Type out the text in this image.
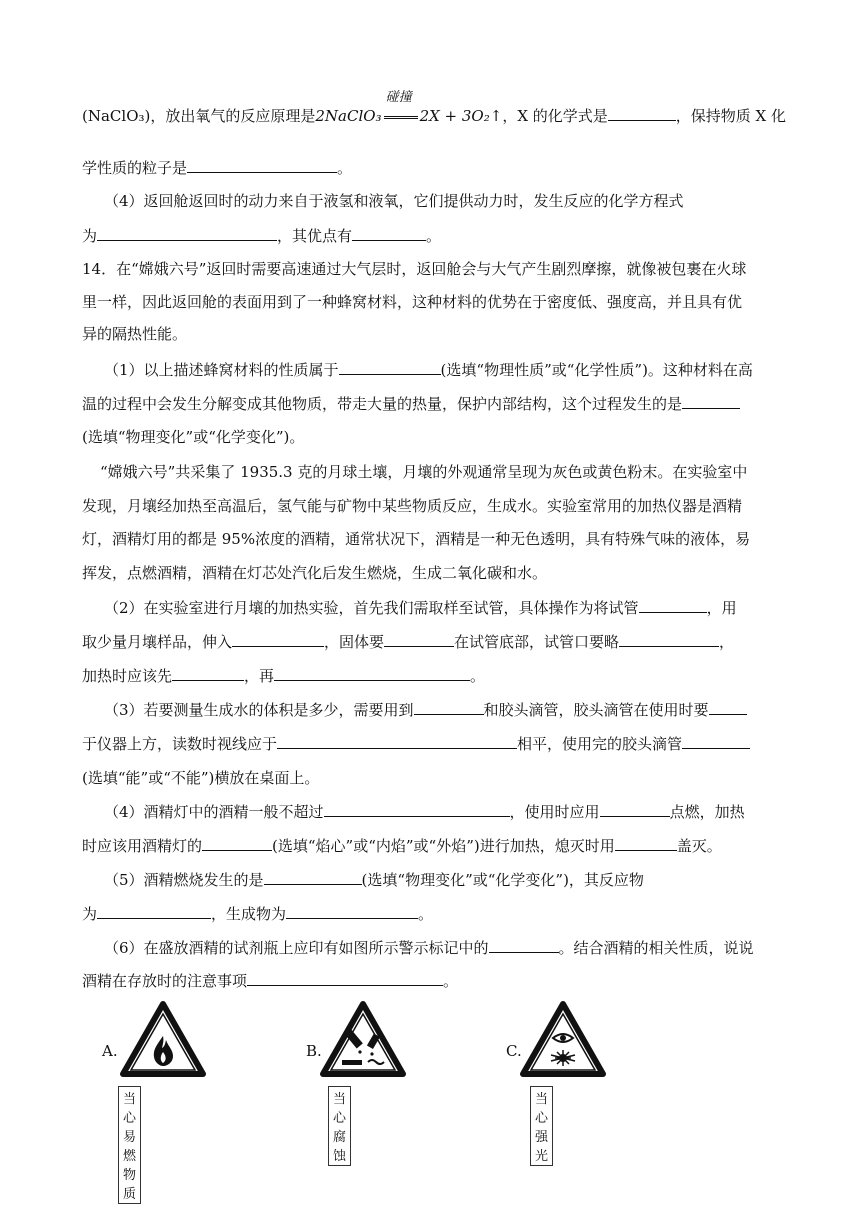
(NaClO₃)，放出氧气的反应原理是2NaClO₃
碰撞
2X + 3O₂↑，X 的化学式是	，保持物质 X 化
学性质的粒子是	。
（4）返回舱返回时的动力来自于液氢和液氧，它们提供动力时，发生反应的化学方程式
为	，其优点有	。
14．在“嫦娥六号”返回时需要高速通过大气层时，返回舱会与大气产生剧烈摩擦，就像被包裹在火球
里一样，因此返回舱的表面用到了一种蜂窝材料，这种材料的优势在于密度低、强度高，并且具有优
异的隔热性能。
（1）以上描述蜂窝材料的性质属于	(选填“物理性质”或“化学性质”)。这种材料在高
温的过程中会发生分解变成其他物质，带走大量的热量，保护内部结构，这个过程发生的是
(选填“物理变化”或“化学变化”)。
“嫦娥六号”共采集了 1935.3 克的月球土壤，月壤的外观通常呈现为灰色或黄色粉末。在实验室中
发现，月壤经加热至高温后，氢气能与矿物中某些物质反应，生成水。实验室常用的加热仪器是酒精
灯，酒精灯用的都是 95%浓度的酒精，通常状况下，酒精是一种无色透明，具有特殊气味的液体，易
挥发，点燃酒精，酒精在灯芯处汽化后发生燃烧，生成二氧化碳和水。
（2）在实验室进行月壤的加热实验，首先我们需取样至试管，具体操作为将试管	，用
取少量月壤样品，伸入	，固体要	在试管底部，试管口要略	，
加热时应该先	，再	。
（3）若要测量生成水的体积是多少，需要用到	和胶头滴管，胶头滴管在使用时要
于仪器上方，读数时视线应于	相平，使用完的胶头滴管
(选填“能”或“不能”)横放在桌面上。
（4）酒精灯中的酒精一般不超过	，使用时应用	点燃，加热
时应该用酒精灯的	(选填“焰心”或“内焰”或“外焰”)进行加热，熄灭时用	盖灭。
（5）酒精燃烧发生的是	(选填“物理变化”或“化学变化”)，其反应物
为	，生成物为	。
（6）在盛放酒精的试剂瓶上应印有如图所示警示标记中的	。结合酒精的相关性质，说说
酒精在存放时的注意事项	。
A.
当心易燃物质
B.
当心腐蚀
C.
当心强光
